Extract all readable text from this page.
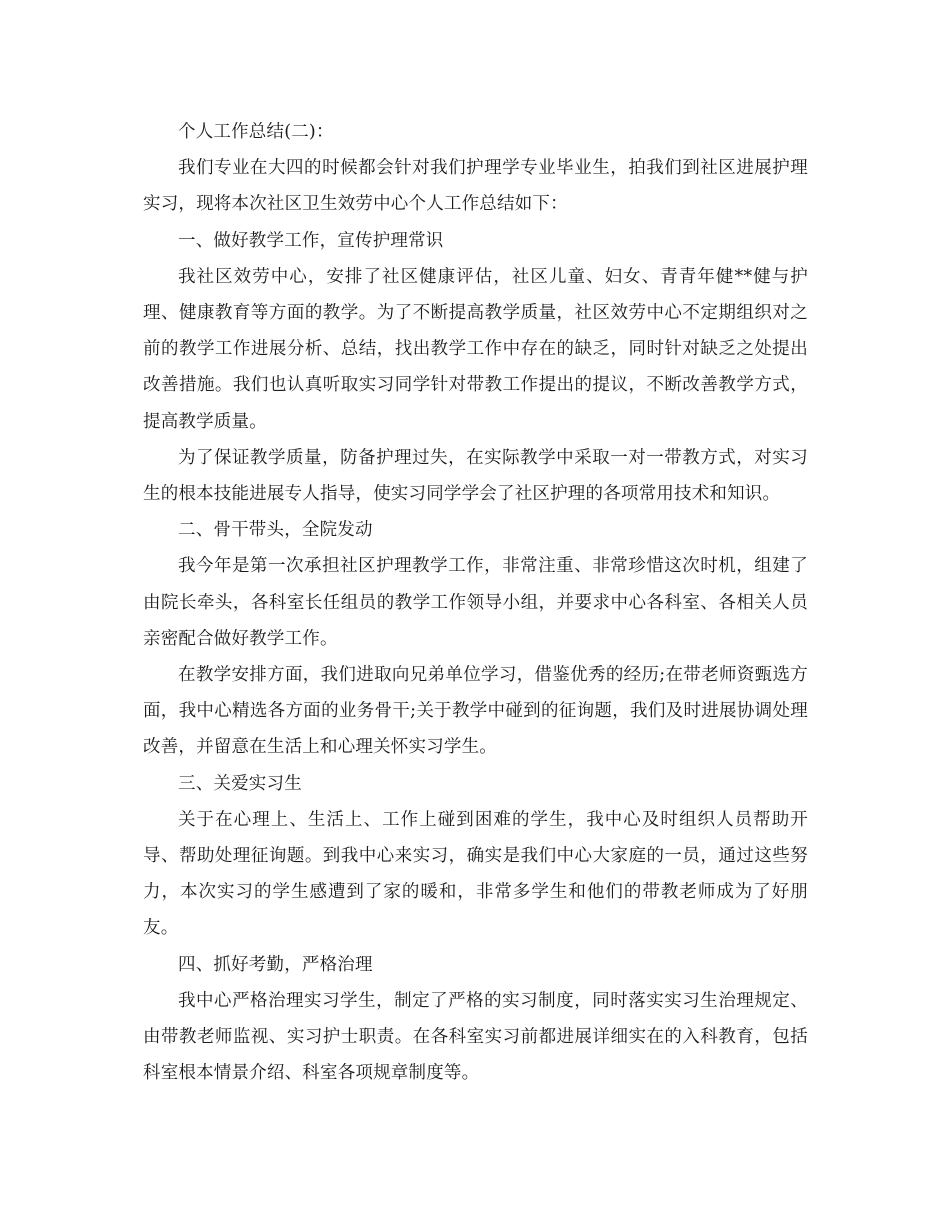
个人工作总结(二)：

我们专业在大四的时候都会针对我们护理学专业毕业生，拍我们到社区进展护理实习，现将本次社区卫生效劳中心个人工作总结如下：

一、做好教学工作，宣传护理常识

我社区效劳中心，安排了社区健康评估，社区儿童、妇女、青青年健**健与护理、健康教育等方面的教学。为了不断提高教学质量，社区效劳中心不定期组织对之前的教学工作进展分析、总结，找出教学工作中存在的缺乏，同时针对缺乏之处提出改善措施。我们也认真听取实习同学针对带教工作提出的提议，不断改善教学方式，提高教学质量。

为了保证教学质量，防备护理过失，在实际教学中采取一对一带教方式，对实习生的根本技能进展专人指导，使实习同学学会了社区护理的各项常用技术和知识。

二、骨干带头，全院发动

我今年是第一次承担社区护理教学工作，非常注重、非常珍惜这次时机，组建了由院长牵头，各科室长任组员的教学工作领导小组，并要求中心各科室、各相关人员亲密配合做好教学工作。

在教学安排方面，我们进取向兄弟单位学习，借鉴优秀的经历;在带老师资甄选方面，我中心精选各方面的业务骨干;关于教学中碰到的征询题，我们及时进展协调处理改善，并留意在生活上和心理关怀实习学生。

三、关爱实习生

关于在心理上、生活上、工作上碰到困难的学生，我中心及时组织人员帮助开导、帮助处理征询题。到我中心来实习，确实是我们中心大家庭的一员，通过这些努力，本次实习的学生感遭到了家的暖和，非常多学生和他们的带教老师成为了好朋友。

四、抓好考勤，严格治理

我中心严格治理实习学生，制定了严格的实习制度，同时落实实习生治理规定、由带教老师监视、实习护士职责。在各科室实习前都进展详细实在的入科教育，包括科室根本情景介绍、科室各项规章制度等。
